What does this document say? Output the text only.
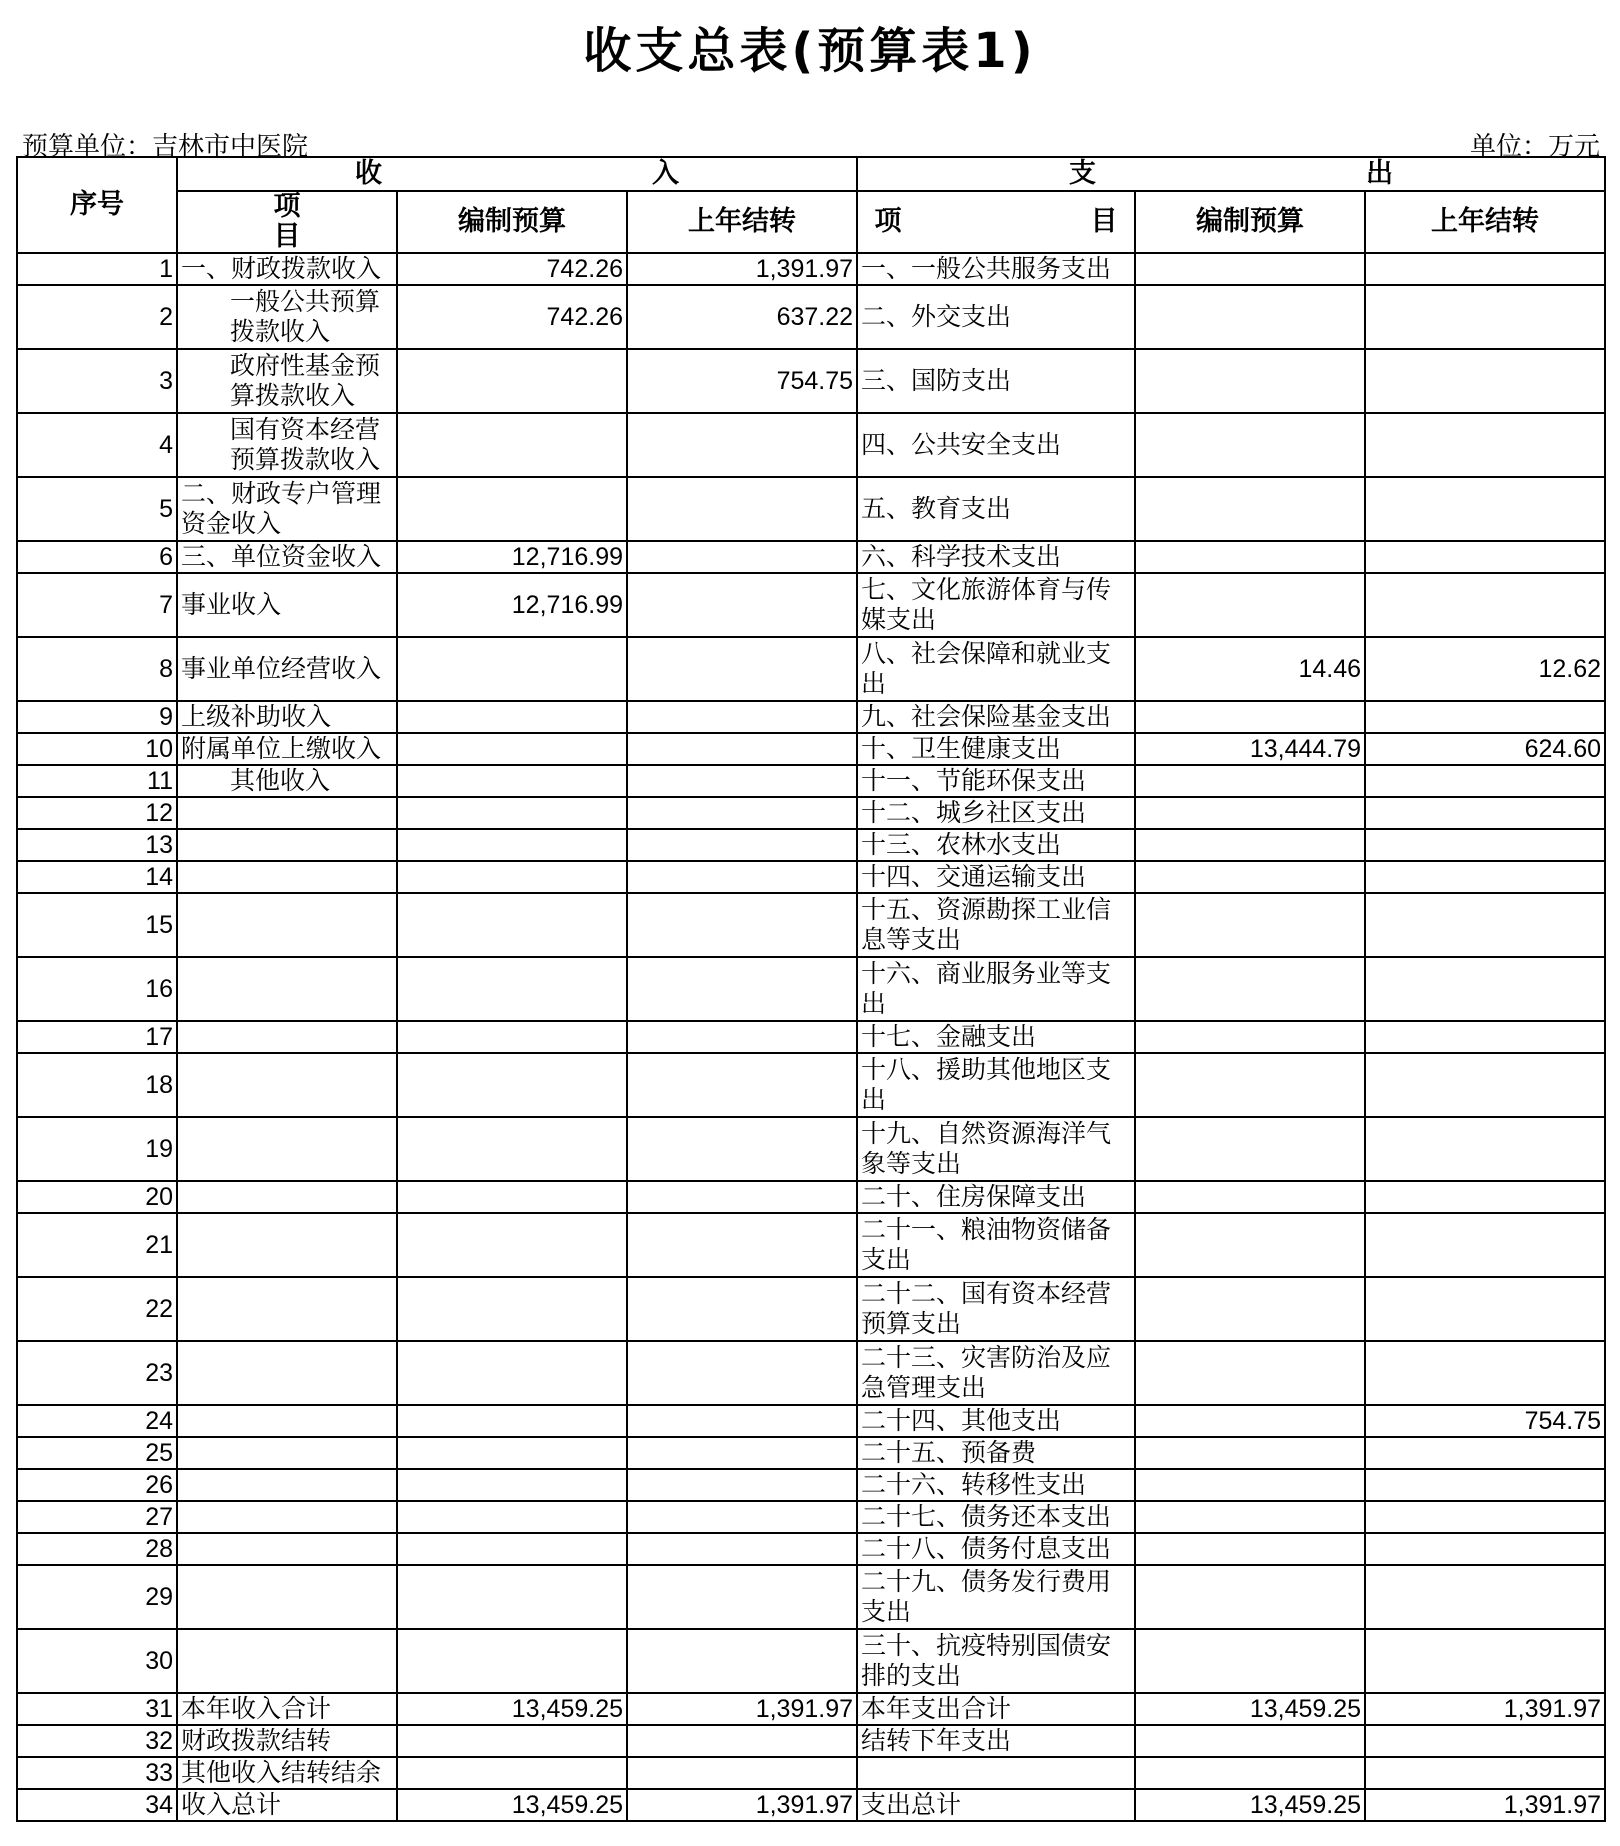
收支总表(预算表1)
预算单位：吉林市中医院	单位：万元
序号	收　　　　　　　　　　入			支　　　　　　　　　　出		
	项　　　　　　　目	编制预算	上年结转	项　　　　　　　目	编制预算	上年结转
1	一、财政拨款收入	742.26	1,391.97	一、一般公共服务支出		
2	一般公共预算拨款收入	742.26	637.22	二、外交支出		
3	政府性基金预算拨款收入		754.75	三、国防支出		
4	国有资本经营预算拨款收入			四、公共安全支出		
5	二、财政专户管理资金收入			五、教育支出		
6	三、单位资金收入	12,716.99		六、科学技术支出		
7	事业收入	12,716.99		七、文化旅游体育与传媒支出		
8	事业单位经营收入			八、社会保障和就业支出	14.46	12.62
9	上级补助收入			九、社会保险基金支出		
10	附属单位上缴收入			十、卫生健康支出	13,444.79	624.60
11	其他收入			十一、节能环保支出		
12				十二、城乡社区支出		
13				十三、农林水支出		
14				十四、交通运输支出		
15				十五、资源勘探工业信息等支出		
16				十六、商业服务业等支出		
17				十七、金融支出		
18				十八、援助其他地区支出		
19				十九、自然资源海洋气象等支出		
20				二十、住房保障支出		
21				二十一、粮油物资储备支出		
22				二十二、国有资本经营预算支出		
23				二十三、灾害防治及应急管理支出		
24				二十四、其他支出		754.75
25				二十五、预备费		
26				二十六、转移性支出		
27				二十七、债务还本支出		
28				二十八、债务付息支出		
29				二十九、债务发行费用支出		
30				三十、抗疫特别国债安排的支出		
31	本年收入合计	13,459.25	1,391.97	本年支出合计	13,459.25	1,391.97
32	财政拨款结转			结转下年支出		
33	其他收入结转结余					
34	收入总计	13,459.25	1,391.97	支出总计	13,459.25	1,391.97
